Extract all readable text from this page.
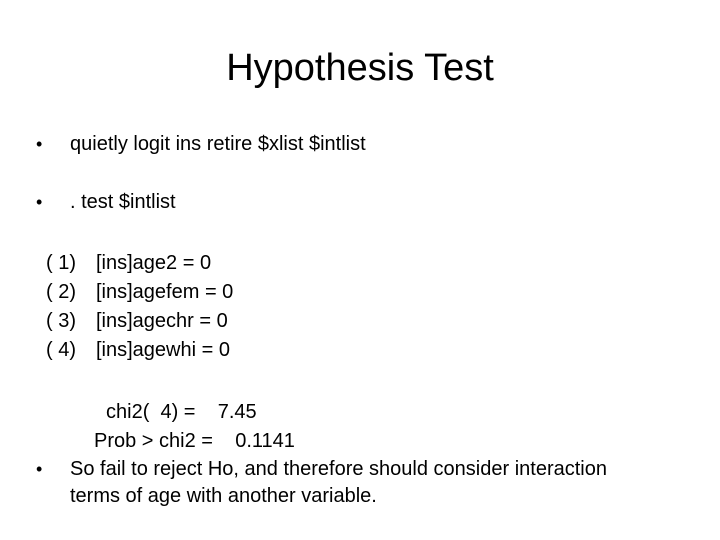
Hypothesis Test
• quietly logit ins retire $xlist $intlist
• . test $intlist
( 1)	[ins]age2 = 0
( 2)	[ins]agefem = 0
( 3)	[ins]agechr = 0
( 4)	[ins]agewhi = 0
chi2(  4) =    7.45
Prob > chi2 =    0.1141
• So fail to reject Ho, and therefore should consider interaction terms of age with another variable.
